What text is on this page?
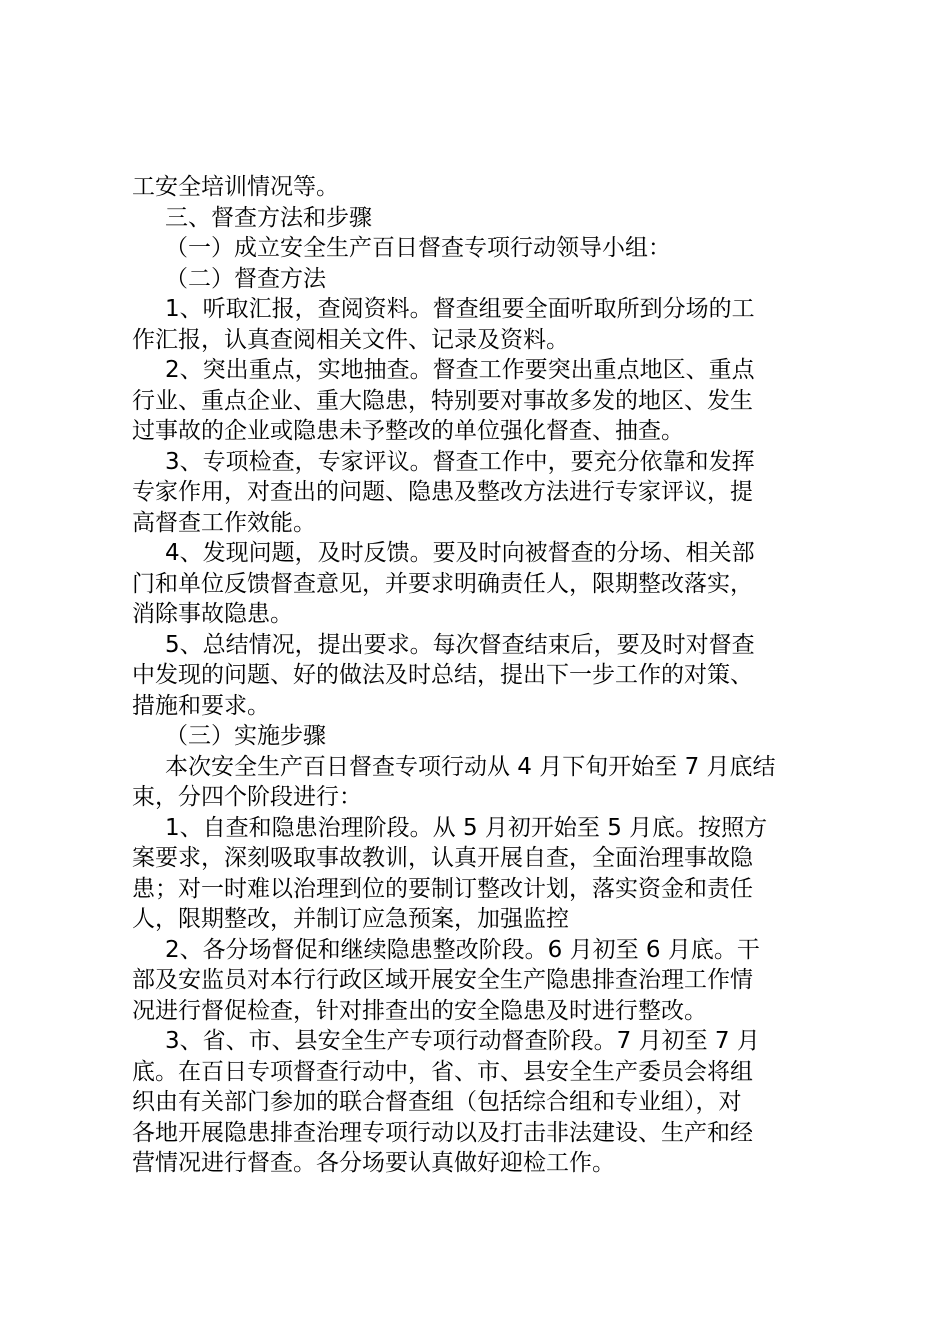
工安全培训情况等。

三、督查方法和步骤

（一）成立安全生产百日督查专项行动领导小组：

（二）督查方法

1、听取汇报，查阅资料。督查组要全面听取所到分场的工
作汇报，认真查阅相关文件、记录及资料。

2、突出重点，实地抽查。督查工作要突出重点地区、重点
行业、重点企业、重大隐患，特别要对事故多发的地区、发生
过事故的企业或隐患未予整改的单位强化督查、抽查。

3、专项检查，专家评议。督查工作中，要充分依靠和发挥
专家作用，对查出的问题、隐患及整改方法进行专家评议，提
高督查工作效能。

4、发现问题，及时反馈。要及时向被督查的分场、相关部
门和单位反馈督查意见，并要求明确责任人，限期整改落实，
消除事故隐患。

5、总结情况，提出要求。每次督查结束后，要及时对督查
中发现的问题、好的做法及时总结，提出下一步工作的对策、
措施和要求。

（三）实施步骤

本次安全生产百日督查专项行动从 4 月下旬开始至 7 月底结
束，分四个阶段进行：

1、自查和隐患治理阶段。从 5 月初开始至 5 月底。按照方
案要求，深刻吸取事故教训，认真开展自查，全面治理事故隐
患；对一时难以治理到位的要制订整改计划，落实资金和责任
人，限期整改，并制订应急预案，加强监控

2、各分场督促和继续隐患整改阶段。6 月初至 6 月底。干
部及安监员对本行行政区域开展安全生产隐患排查治理工作情
况进行督促检查，针对排查出的安全隐患及时进行整改。

3、省、市、县安全生产专项行动督查阶段。7 月初至 7 月
底。在百日专项督查行动中，省、市、县安全生产委员会将组
织由有关部门参加的联合督查组（包括综合组和专业组），对
各地开展隐患排查治理专项行动以及打击非法建设、生产和经
营情况进行督查。各分场要认真做好迎检工作。
